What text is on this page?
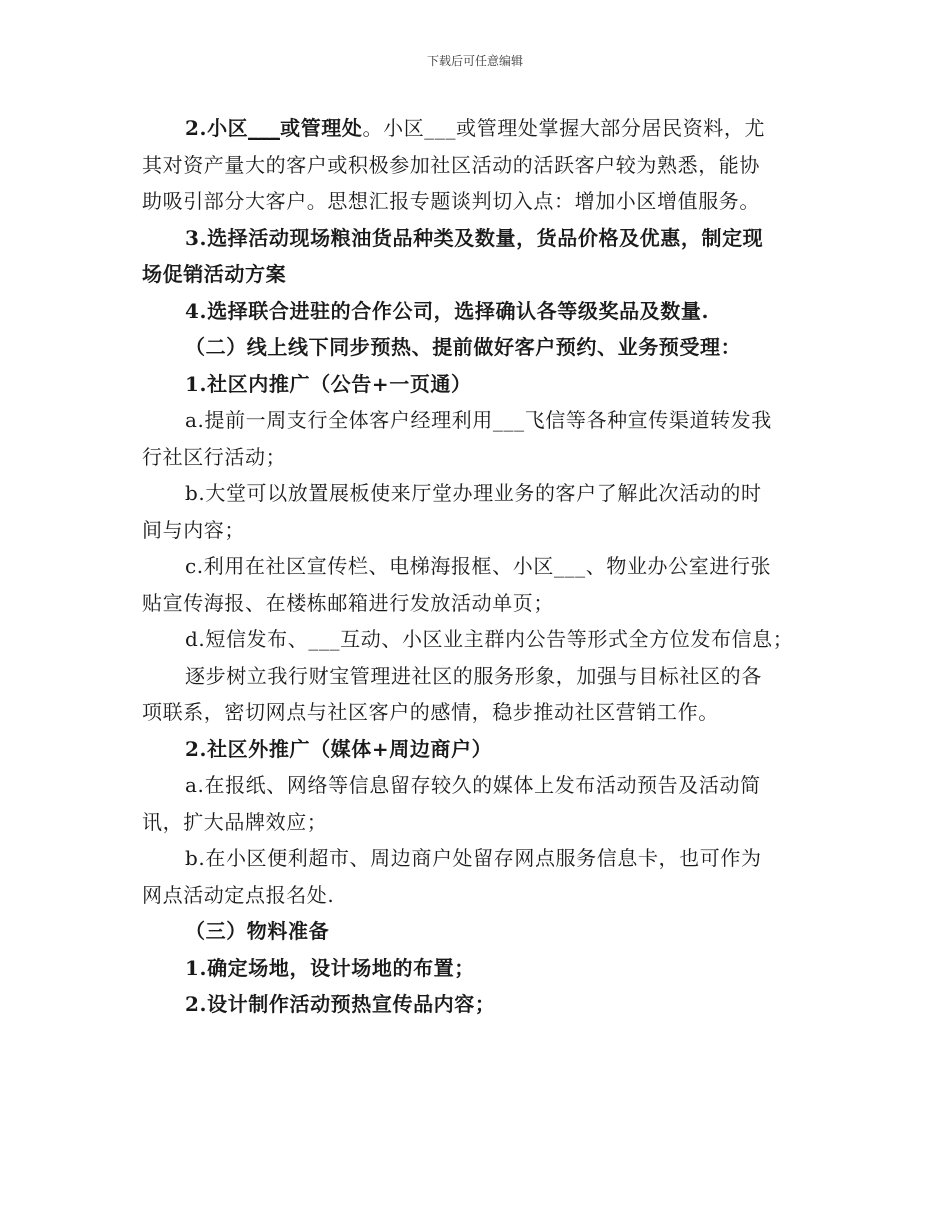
下载后可任意编辑
2.小区___或管理处。小区___或管理处掌握大部分居民资料，尤
其对资产量大的客户或积极参加社区活动的活跃客户较为熟悉，能协
助吸引部分大客户。思想汇报专题谈判切入点：增加小区增值服务。
3.选择活动现场粮油货品种类及数量，货品价格及优惠，制定现
场促销活动方案
4.选择联合进驻的合作公司，选择确认各等级奖品及数量.
（二）线上线下同步预热、提前做好客户预约、业务预受理：
1.社区内推广（公告+一页通）
a.提前一周支行全体客户经理利用___飞信等各种宣传渠道转发我
行社区行活动；
b.大堂可以放置展板使来厅堂办理业务的客户了解此次活动的时
间与内容；
c.利用在社区宣传栏、电梯海报框、小区___、物业办公室进行张
贴宣传海报、在楼栋邮箱进行发放活动单页；
d.短信发布、___互动、小区业主群内公告等形式全方位发布信息；
逐步树立我行财宝管理进社区的服务形象，加强与目标社区的各
项联系，密切网点与社区客户的感情，稳步推动社区营销工作。
2.社区外推广（媒体+周边商户）
a.在报纸、网络等信息留存较久的媒体上发布活动预告及活动简
讯，扩大品牌效应；
b.在小区便利超市、周边商户处留存网点服务信息卡，也可作为
网点活动定点报名处.
（三）物料准备
1.确定场地，设计场地的布置；
2.设计制作活动预热宣传品内容；
